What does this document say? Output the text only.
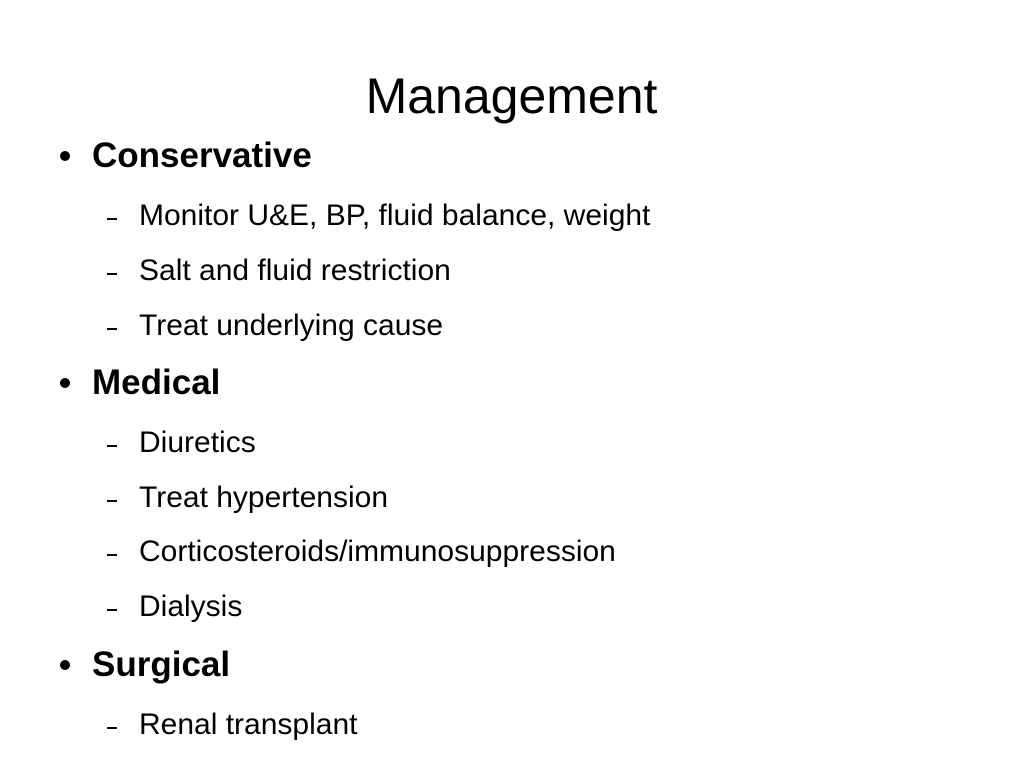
Management
Conservative
Monitor U&E, BP, fluid balance, weight
Salt and fluid restriction
Treat underlying cause
Medical
Diuretics
Treat hypertension
Corticosteroids/immunosuppression
Dialysis
Surgical
Renal transplant
